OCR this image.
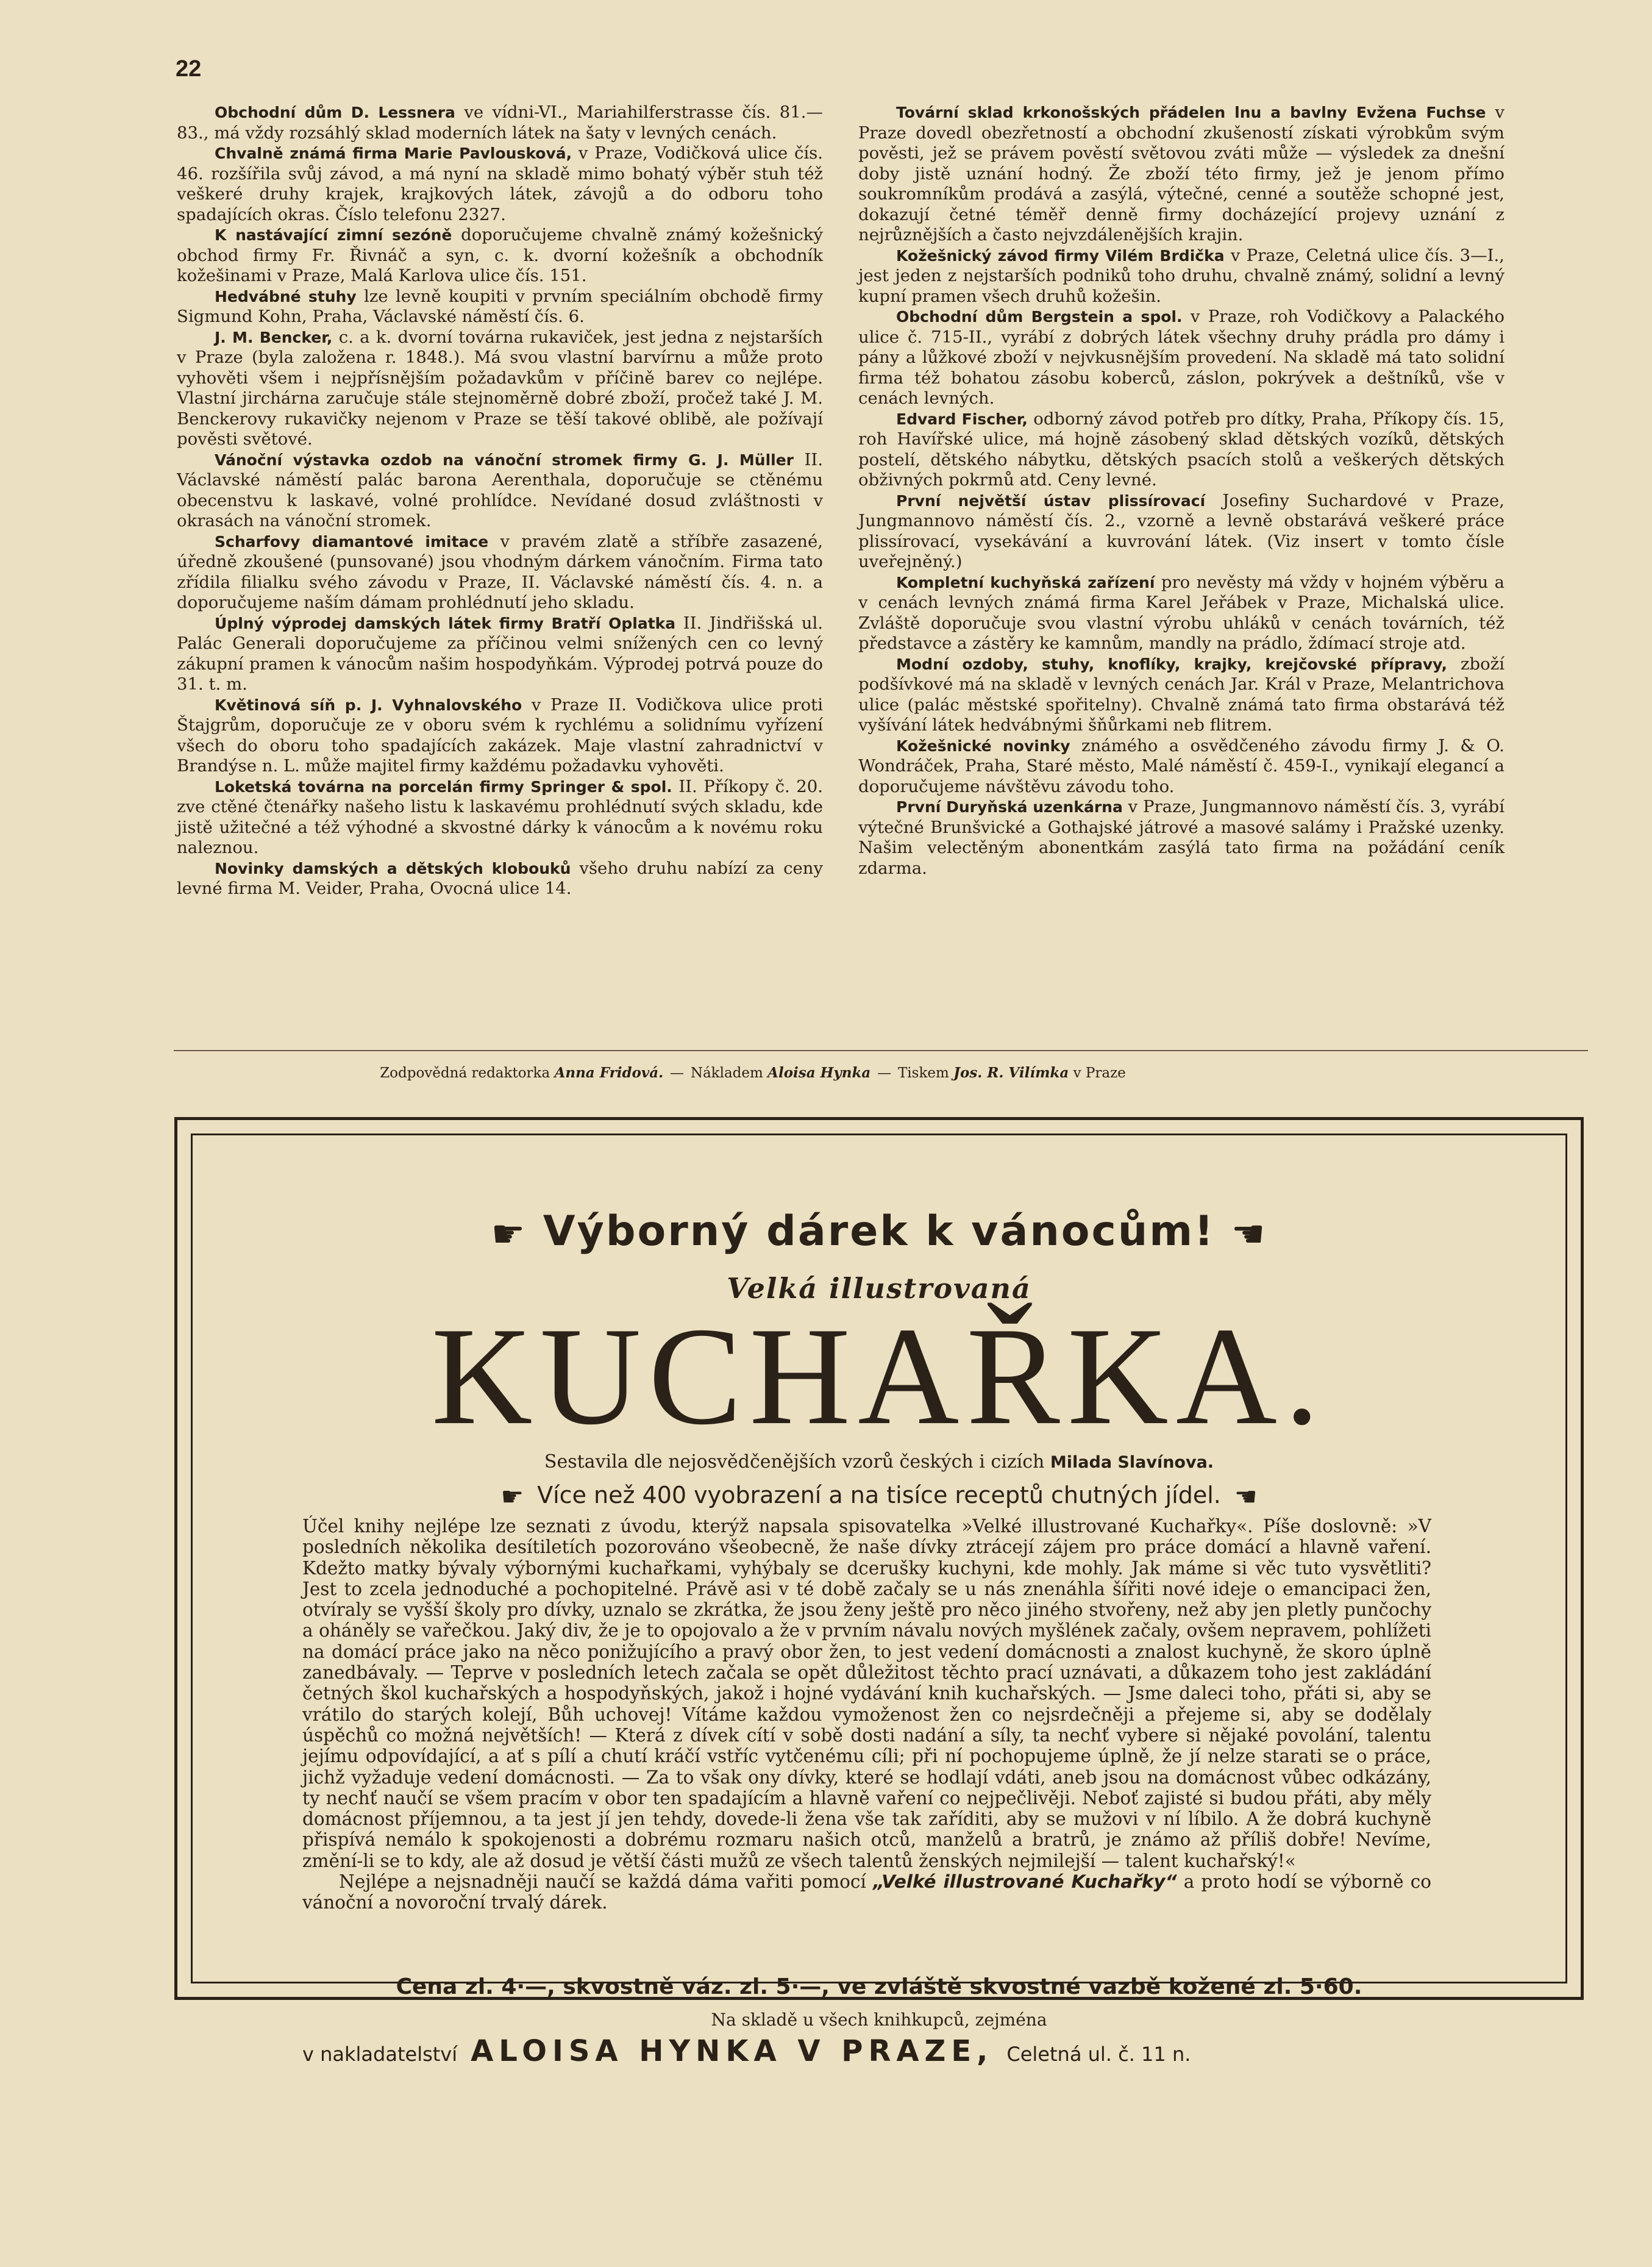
22

Obchodní dům D. Lessnera ve vídni-VI., Mariahilferstrasse čís. 81.—83., má vždy rozsáhlý sklad moderních látek na šaty v levných cenách.

Chvalně známá firma Marie Pavlousková, v Praze, Vodičková ulice čís. 46. rozšířila svůj závod, a má nyní na skladě mimo bohatý výběr stuh též veškeré druhy krajek, krajkových látek, závojů a do odboru toho spadajících okras. Číslo telefonu 2327.

K nastávající zimní sezóně doporučujeme chvalně známý kožešnický obchod firmy Fr. Řivnáč a syn, c. k. dvorní kožešník a obchodník kožešinami v Praze, Malá Karlova ulice čís. 151.

Hedvábné stuhy lze levně koupiti v prvním speciálním obchodě firmy Sigmund Kohn, Praha, Václavské náměstí čís. 6.

J. M. Bencker, c. a k. dvorní továrna rukaviček, jest jedna z nejstarších v Praze (byla založena r. 1848.). Má svou vlastní barvírnu a může proto vyhověti všem i nejpřísnějším požadavkům v příčině barev co nejlépe. Vlastní jirchárna zaručuje stále stejnoměrně dobré zboží, pročež také J. M. Benckerovy rukavičky nejenom v Praze se těší takové oblibě, ale požívají pověsti světové.

Vánoční výstavka ozdob na vánoční stromek firmy G. J. Müller II. Václavské náměstí palác barona Aerenthala, doporučuje se ctěnému obecenstvu k laskavé, volné prohlídce. Nevídané dosud zvláštnosti v okrasách na vánoční stromek.

Scharfovy diamantové imitace v pravém zlatě a stříbře zasazené, úředně zkoušené (punsované) jsou vhodným dárkem vánočním. Firma tato zřídila filialku svého závodu v Praze, II. Václavské náměstí čís. 4. n. a doporučujeme naším dámam prohlédnutí jeho skladu.

Úplný výprodej damských látek firmy Bratří Oplatka II. Jindřišská ul. Palác Generali doporučujeme za příčinou velmi snížených cen co levný zákupní pramen k vánocům našim hospodyňkám. Výprodej potrvá pouze do 31. t. m.

Květinová síň p. J. Vyhnalovského v Praze II. Vodičkova ulice proti Štajgrům, doporučuje ze v oboru svém k rychlému a solidnímu vyřízení všech do oboru toho spadajících zakázek. Maje vlastní zahradnictví v Brandýse n. L. může majitel firmy každému požadavku vyhověti.

Loketská továrna na porcelán firmy Springer & spol. II. Příkopy č. 20. zve ctěné čtenářky našeho listu k laskavému prohlédnutí svých skladu, kde jistě užitečné a též výhodné a skvostné dárky k vánocům a k novému roku naleznou.

Novinky damských a dětských klobouků všeho druhu nabízí za ceny levné firma M. Veider, Praha, Ovocná ulice 14.

Tovární sklad krkonošských přádelen lnu a bavlny Evžena Fuchse v Praze dovedl obezřetností a obchodní zkušeností získati výrobkům svým pověsti, jež se právem pověstí světovou zváti může — výsledek za dnešní doby jistě uznání hodný. Že zboží této firmy, jež je jenom přímo soukromníkům prodává a zasýlá, výtečné, cenné a soutěže schopné jest, dokazují četné téměř denně firmy docházející projevy uznání z nejrůznějších a často nejvzdálenějších krajin.

Kožešnický závod firmy Vilém Brdička v Praze, Celetná ulice čís. 3—I., jest jeden z nejstarších podniků toho druhu, chvalně známý, solidní a levný kupní pramen všech druhů kožešin.

Obchodní dům Bergstein a spol. v Praze, roh Vodičkovy a Palackého ulice č. 715-II., vyrábí z dobrých látek všechny druhy prádla pro dámy i pány a lůžkové zboží v nejvkusnějším provedení. Na skladě má tato solidní firma též bohatou zásobu koberců, záslon, pokrývek a deštníků, vše v cenách levných.

Edvard Fischer, odborný závod potřeb pro dítky, Praha, Příkopy čís. 15, roh Havířské ulice, má hojně zásobený sklad dětských vozíků, dětských postelí, dětského nábytku, dětských psacích stolů a veškerých dětských obživných pokrmů atd. Ceny levné.

První největší ústav plissírovací Josefiny Suchardové v Praze, Jungmannovo náměstí čís. 2., vzorně a levně obstarává veškeré práce plissírovací, vysekávání a kuvrování látek. (Viz insert v tomto čísle uveřejněný.)

Kompletní kuchyňská zařízení pro nevěsty má vždy v hojném výběru a v cenách levných známá firma Karel Jeřábek v Praze, Michalská ulice. Zvláště doporučuje svou vlastní výrobu uhláků v cenách továrních, též představce a zástěry ke kamnům, mandly na prádlo, ždímací stroje atd.

Modní ozdoby, stuhy, knoflíky, krajky, krejčovské přípravy, zboží podšívkové má na skladě v levných cenách Jar. Král v Praze, Melantrichova ulice (palác městské spořitelny). Chvalně známá tato firma obstarává též vyšívání látek hedvábnými šňůrkami neb flitrem.

Kožešnické novinky známého a osvědčeného závodu firmy J. & O. Wondráček, Praha, Staré město, Malé náměstí č. 459-I., vynikají elegancí a doporučujeme návštěvu závodu toho.

První Duryňská uzenkárna v Praze, Jungmannovo náměstí čís. 3, vyrábí výtečné Brunšvické a Gothajské játrové a masové salámy i Pražské uzenky. Našim velectěným abonentkám zasýlá tato firma na požádání ceník zdarma.

Zodpovědná redaktorka Anna Fridová. — Nákladem Aloisa Hynka — Tiskem Jos. R. Vilímka v Praze
☛ Výborný dárek k vánocům! ☚
Velká illustrovaná
KUCHAŘKA.
Sestavila dle nejosvědčenějších vzorů českých i cizích Milada Slavínova.
☛ Více než 400 vyobrazení a na tisíce receptů chutných jídel. ☚

Účel knihy nejlépe lze seznati z úvodu, kterýž napsala spisovatelka »Velké illustrované Kuchařky«. Píše doslovně: »V posledních několika desítiletích pozorováno všeobecně, že naše dívky ztrácejí zájem pro práce domácí a hlavně vaření. Kdežto matky bývaly výbornými kuchařkami, vyhýbaly se dcerušky kuchyni, kde mohly. Jak máme si věc tuto vysvětliti? Jest to zcela jednoduché a pochopitelné. Právě asi v té době začaly se u nás znenáhla šířiti nové ideje o emancipaci žen, otvíraly se vyšší školy pro dívky, uznalo se zkrátka, že jsou ženy ještě pro něco jiného stvořeny, než aby jen pletly punčochy a oháněly se vařečkou. Jaký div, že je to opojovalo a že v prvním návalu nových myšlének začaly, ovšem nepravem, pohlížeti na domácí práce jako na něco ponižujícího a pravý obor žen, to jest vedení domácnosti a znalost kuchyně, že skoro úplně zanedbávaly. — Teprve v posledních letech začala se opět důležitost těchto prací uznávati, a důkazem toho jest zakládání četných škol kuchařských a hospodyňských, jakož i hojné vydávání knih kuchařských. — Jsme daleci toho, přáti si, aby se vrátilo do starých kolejí, Bůh uchovej! Vítáme každou vymoženost žen co nejsrdečněji a přejeme si, aby se dodělaly úspěchů co možná největších! — Která z dívek cítí v sobě dosti nadání a síly, ta nechť vybere si nějaké povolání, talentu jejímu odpovídající, a ať s pílí a chutí kráčí vstříc vytčenému cíli; při ní pochopujeme úplně, že jí nelze starati se o práce, jichž vyžaduje vedení domácnosti. — Za to však ony dívky, které se hodlají vdáti, aneb jsou na domácnost vůbec odkázány, ty nechť naučí se všem pracím v obor ten spadajícím a hlavně vaření co nejpečlivěji. Neboť zajisté si budou přáti, aby měly domácnost příjemnou, a ta jest jí jen tehdy, dovede-li žena vše tak zaříditi, aby se mužovi v ní líbilo. A že dobrá kuchyně přispívá nemálo k spokojenosti a dobrému rozmaru našich otců, manželů a bratrů, je známo až příliš dobře! Nevíme, změní-li se to kdy, ale až dosud je větší části mužů ze všech talentů ženských nejmilejší — talent kuchařský!«

Nejlépe a nejsnadněji naučí se každá dáma vařiti pomocí „Velké illustrované Kuchařky“ a proto hodí se výborně co vánoční a novoroční trvalý dárek.

Cena zl. 4·—, skvostně váz. zl. 5·—, ve zvláště skvostné vazbě kožené zl. 5·60.
Na skladě u všech knihkupců, zejména
v nakladatelství ALOISA HYNKA V PRAZE, Celetná ul. č. 11 n.
